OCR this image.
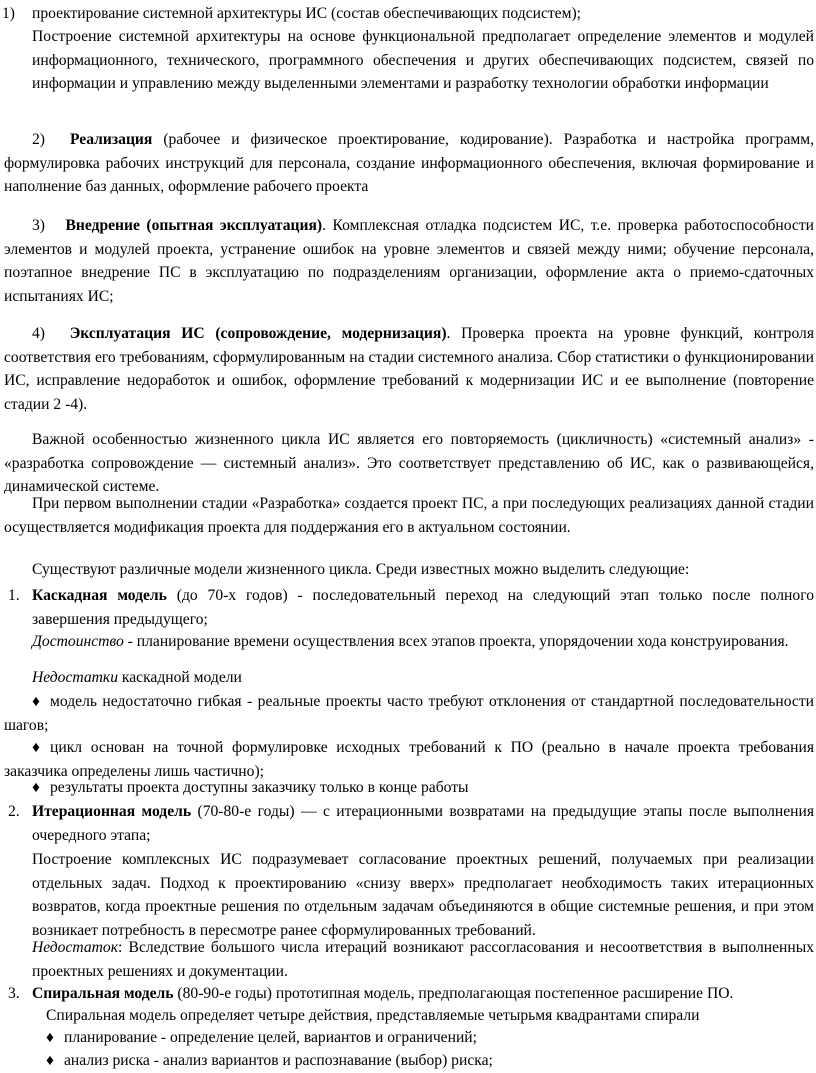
1) проектирование системной архитектуры ИС (состав обеспечивающих подсистем);

Построение системной архитектуры на основе функциональной предполагает определение элементов и модулей информационного, технического, программного обеспечения и других обеспечивающих подсистем, связей по информации и управлению между выделенными элементами и разработку технологии обработки информации

2) Реализация (рабочее и физическое проектирование, кодирование). Разработка и настройка программ, формулировка рабочих инструкций для персонала, создание информационного обеспечения, включая формирование и наполнение баз данных, оформление рабочего проекта

3) Внедрение (опытная эксплуатация). Комплексная отладка подсистем ИС, т.е. проверка работоспособности элементов и модулей проекта, устранение ошибок на уровне элементов и связей между ними; обучение персонала, поэтапное внедрение ПС в эксплуатацию по подразделениям организации, оформление акта о приемо-сдаточных испытаниях ИС;

4) Эксплуатация ИС (сопровождение, модернизация). Проверка проекта на уровне функций, контроля соответствия его требованиям, сформулированным на стадии системного анализа. Сбор статистики о функционировании ИС, исправление недоработок и ошибок, оформление требований к модернизации ИС и ее выполнение (повторение стадии 2 -4).

Важной особенностью жизненного цикла ИС является его повторяемость (цикличность) «системный анализ» - «разработка сопровождение — системный анализ». Это соответствует представлению об ИС, как о развивающейся, динамической системе.

При первом выполнении стадии «Разработка» создается проект ПС, а при последующих реализациях данной стадии осуществляется модификация проекта для поддержания его в актуальном состоянии.

Существуют различные модели жизненного цикла. Среди известных можно выделить следующие:

1. Каскадная модель (до 70-х годов) - последовательный переход на следующий этап только после полного завершения предыдущего;

Достоинство - планирование времени осуществления всех этапов проекта, упорядочении хода конструирования.

Недостатки каскадной модели

♦ модель недостаточно гибкая - реальные проекты часто требуют отклонения от стандартной последовательности шагов;

♦ цикл основан на точной формулировке исходных требований к ПО (реально в начале проекта требования заказчика определены лишь частично);

♦ результаты проекта доступны заказчику только в конце работы

2. Итерационная модель (70-80-е годы) — с итерационными возвратами на предыдущие этапы после выполнения очередного этапа;

Построение комплексных ИС подразумевает согласование проектных решений, получаемых при реализации отдельных задач. Подход к проектированию «снизу вверх» предполагает необходимость таких итерационных возвратов, когда проектные решения по отдельным задачам объединяются в общие системные решения, и при этом возникает потребность в пересмотре ранее сформулированных требований.

Недостаток: Вследствие большого числа итераций возникают рассогласования и несоответствия в выполненных проектных решениях и документации.

3. Спиральная модель (80-90-е годы) прототипная модель, предполагающая постепенное расширение ПО.

Спиральная модель определяет четыре действия, представляемые четырьмя квадрантами спирали

♦ планирование - определение целей, вариантов и ограничений;

♦ анализ риска - анализ вариантов и распознавание (выбор) риска;
